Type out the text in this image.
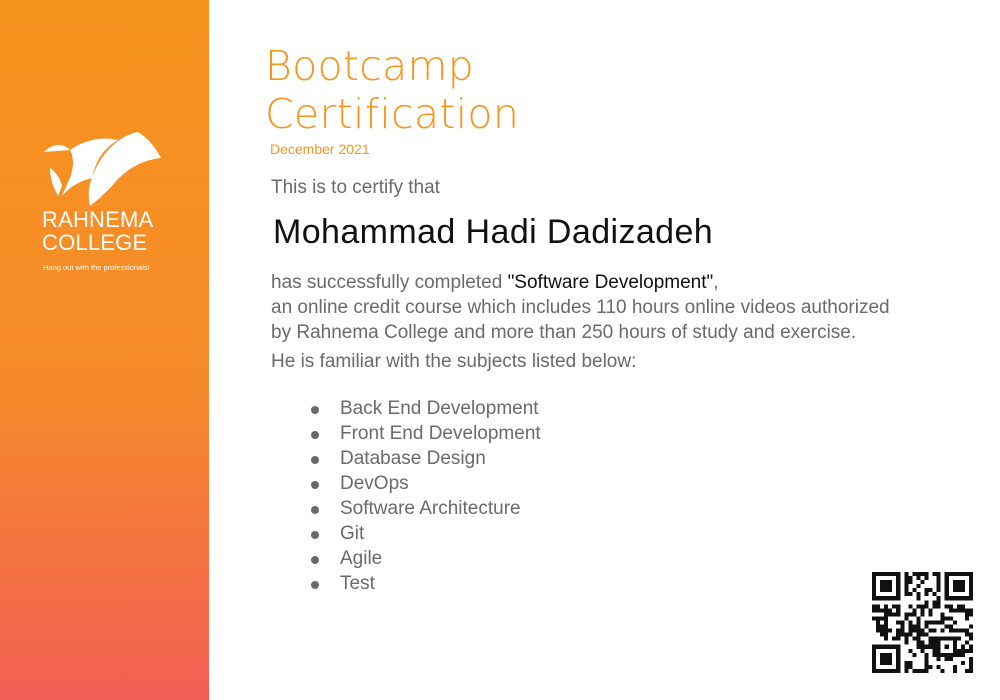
RAHNEMA
COLLEGE
Hang out with the professionals!
Bootcamp
Certification
December 2021
This is to certify that
Mohammad Hadi Dadizadeh
has successfully completed "Software Development",
an online credit course which includes 110 hours online videos authorized
by Rahnema College and more than 250 hours of study and exercise.
He is familiar with the subjects listed below:
Back End Development
Front End Development
Database Design
DevOps
Software Architecture
Git
Agile
Test
